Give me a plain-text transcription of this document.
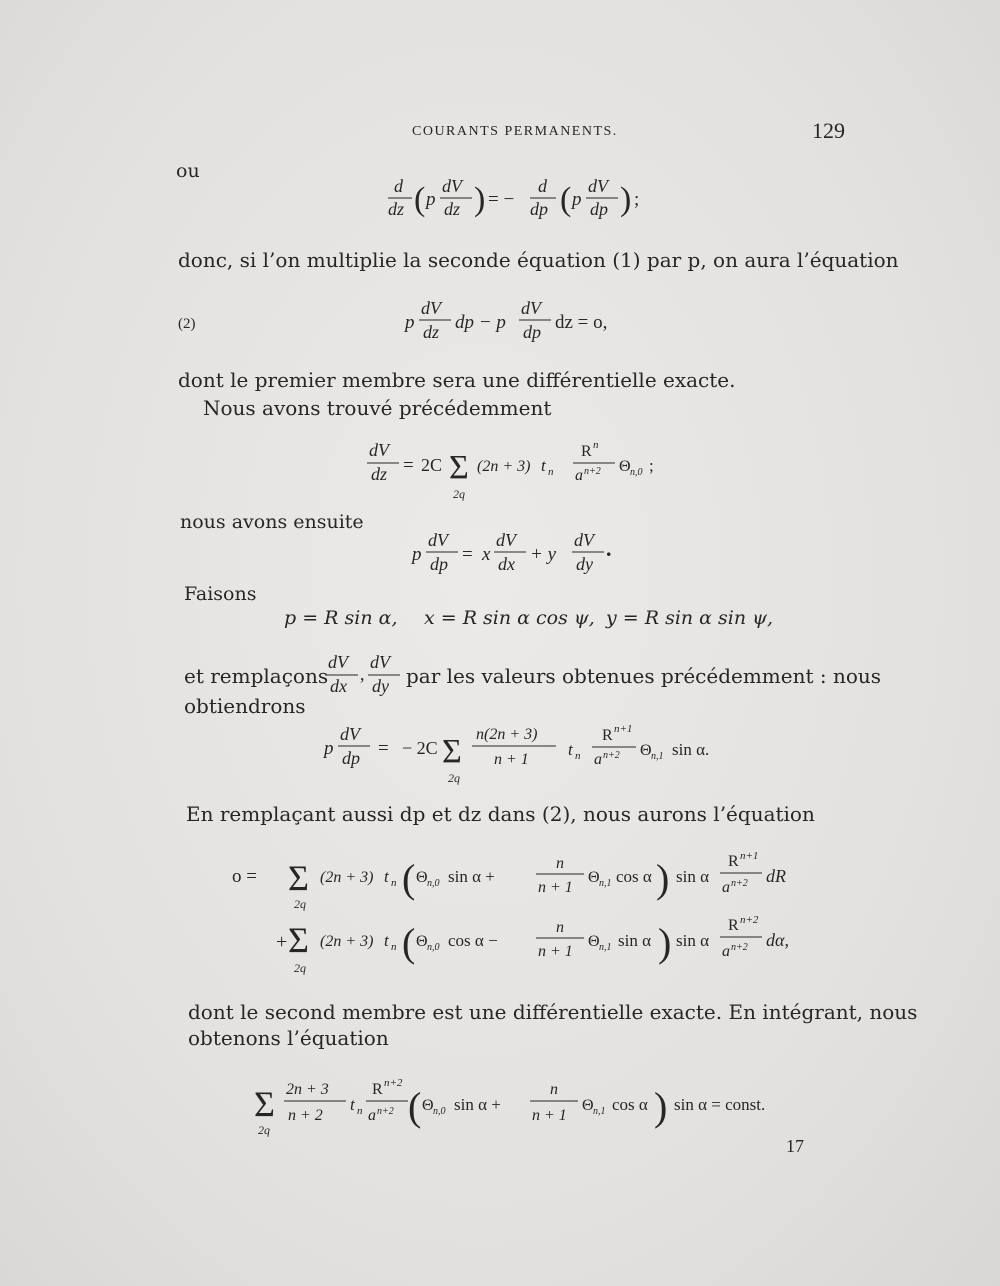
COURANTS PERMANENTS.	129
ou
d
dz ( p
dV
dz ) = −
d
dp ( p
dV
dp ) ;
donc, si l’on multiplie la seconde équation (1) par p, on aura l’équation
(2)	p
dV
dz dp − p
dV
dp dz = o,
dont le premier membre sera une différentielle exacte.
Nous avons trouvé précédemment
dV
dz = 2C Σ
2q
(2n + 3) t n
R n
a n+2 Θ n,0 ;
nous avons ensuite
p
dV
dp = x
dV
dx + y
dV
dy
.
Faisons
p = R sin α, x = R sin α cos ψ, y = R sin α sin ψ,
et remplaçons
dV
dx
,
dV
dy par les valeurs obtenues précédemment : nous
obtiendrons
p
dV
dp = − 2C Σ
2q
n(2n + 3)
n + 1
t n
R n+1
a n+2 Θ n,1 sin α.
En remplaçant aussi dp et dz dans (2), nous aurons l’équation
o = Σ
2q
(2n + 3) t n ( Θ n,0 sin α +
n
n + 1
Θ n,1 cos α ) sin α
R n+1
a n+2 dR
+ Σ
2q
(2n + 3) t n ( Θ n,0 cos α −
n
n + 1
Θ n,1 sin α ) sin α
R n+2
a n+2 dα,
dont le second membre est une différentielle exacte. En intégrant, nous
obtenons l’équation
Σ
2q
2n + 3
n + 2
t n
R n+2
a n+2 ( Θ n,0 sin α +
n
n + 1
Θ n,1 cos α ) sin α = const.
17
